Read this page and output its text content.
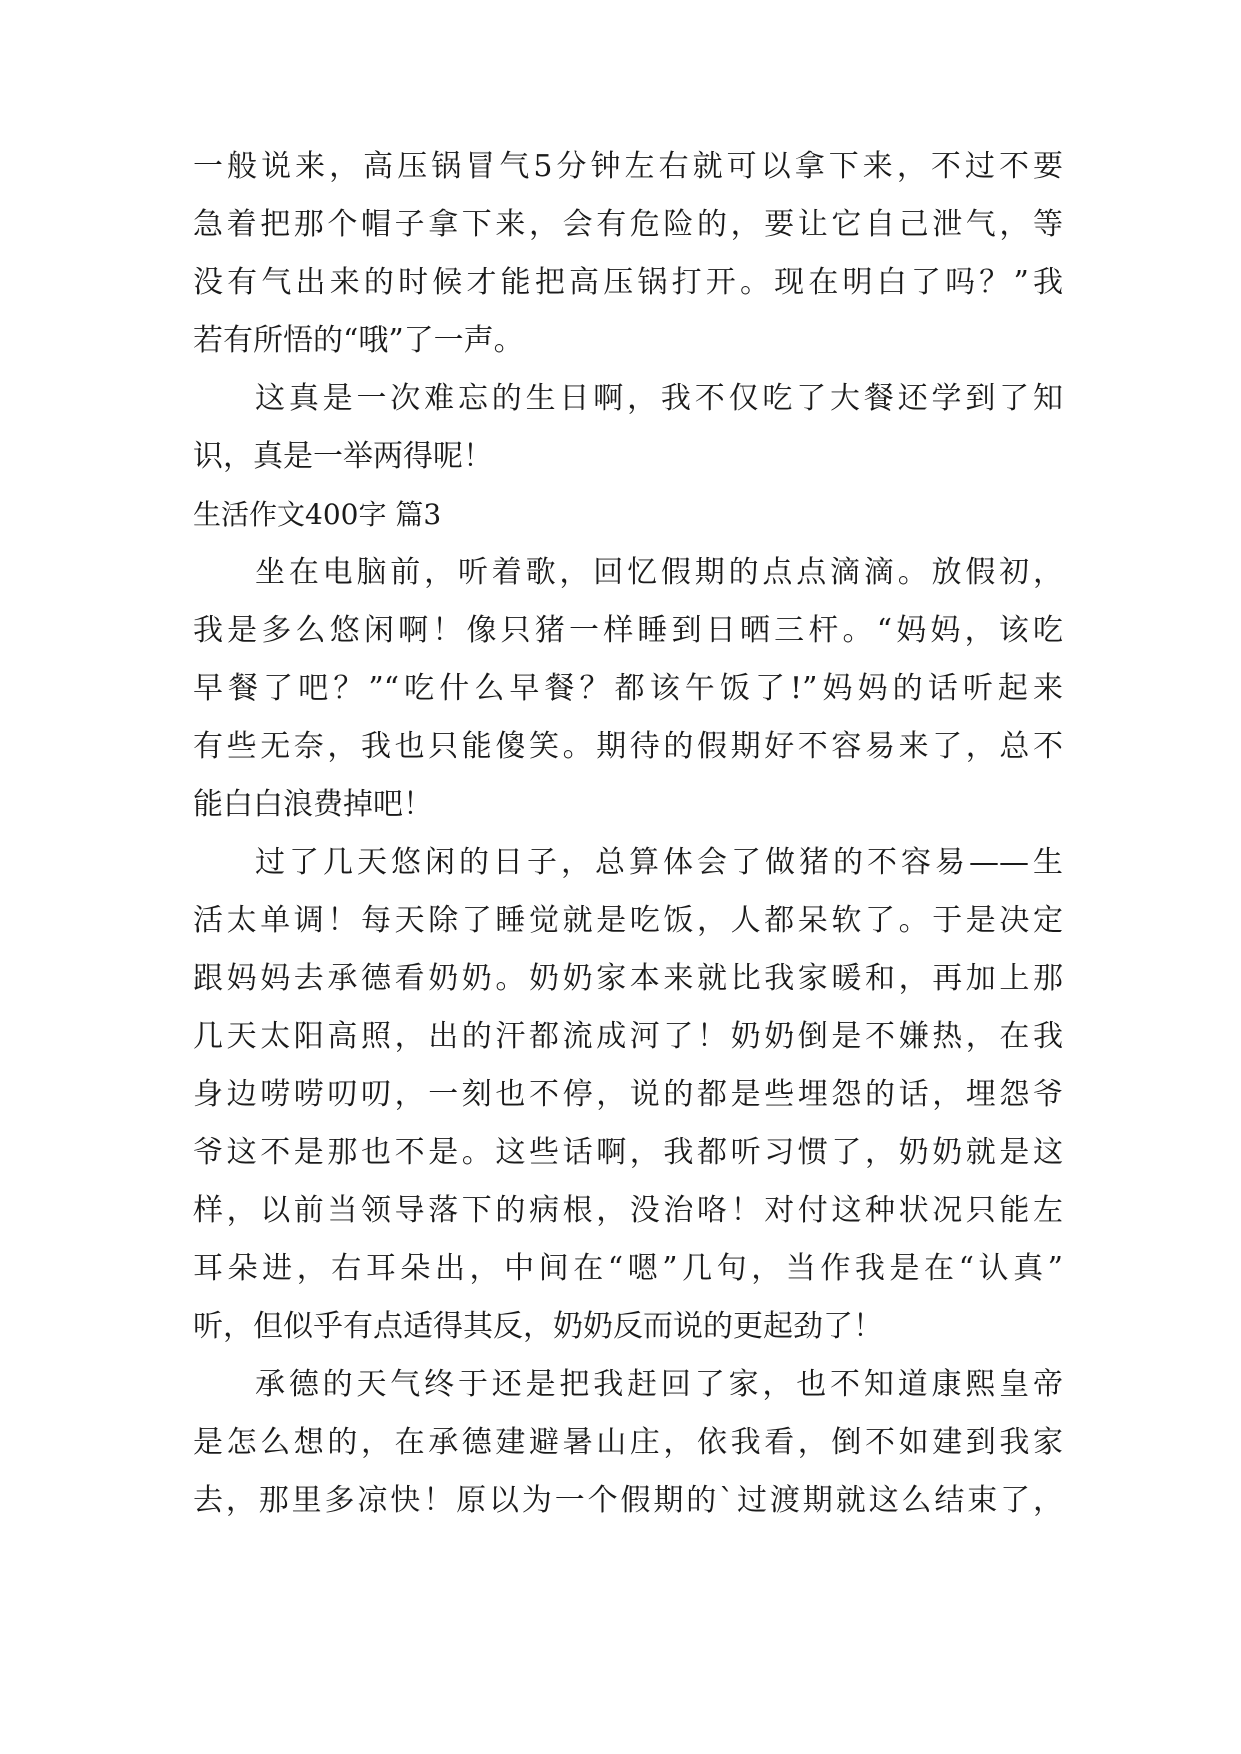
一般说来，高压锅冒气5分钟左右就可以拿下来，不过不要
急着把那个帽子拿下来，会有危险的，要让它自己泄气，等
没有气出来的时候才能把高压锅打开。现在明白了吗？”我
若有所悟的“哦”了一声。
这真是一次难忘的生日啊，我不仅吃了大餐还学到了知
识，真是一举两得呢！
生活作文400字 篇3
坐在电脑前，听着歌，回忆假期的点点滴滴。放假初，
我是多么悠闲啊！像只猪一样睡到日晒三杆。“妈妈，该吃
早餐了吧？”“吃什么早餐？都该午饭了!”妈妈的话听起来
有些无奈，我也只能傻笑。期待的假期好不容易来了，总不
能白白浪费掉吧！
过了几天悠闲的日子，总算体会了做猪的不容易——生
活太单调！每天除了睡觉就是吃饭，人都呆软了。于是决定
跟妈妈去承德看奶奶。奶奶家本来就比我家暖和，再加上那
几天太阳高照，出的汗都流成河了！奶奶倒是不嫌热，在我
身边唠唠叨叨，一刻也不停，说的都是些埋怨的话，埋怨爷
爷这不是那也不是。这些话啊，我都听习惯了，奶奶就是这
样，以前当领导落下的病根，没治咯！对付这种状况只能左
耳朵进，右耳朵出，中间在“嗯”几句，当作我是在“认真”
听，但似乎有点适得其反，奶奶反而说的更起劲了！
承德的天气终于还是把我赶回了家，也不知道康熙皇帝
是怎么想的，在承德建避暑山庄，依我看，倒不如建到我家
去，那里多凉快！原以为一个假期的`过渡期就这么结束了，
